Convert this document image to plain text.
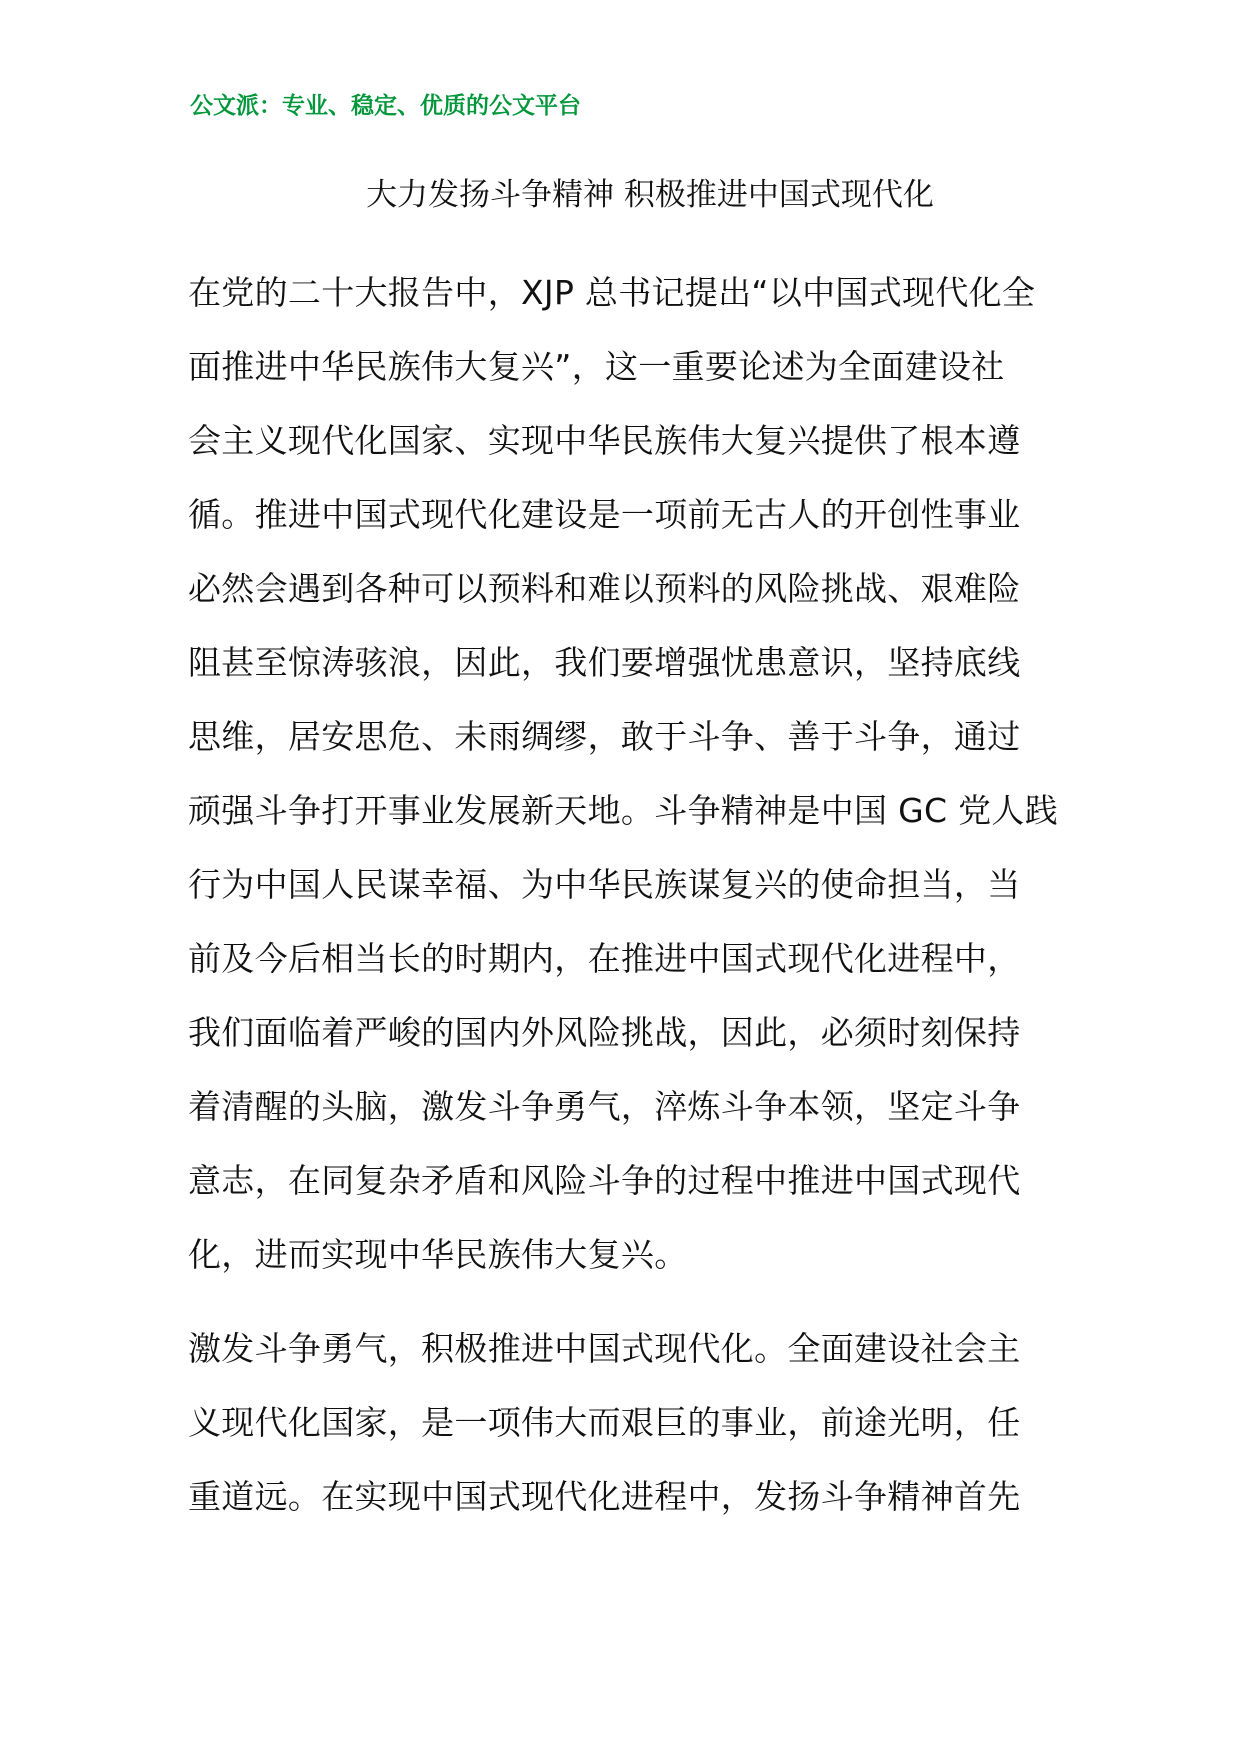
公文派：专业、稳定、优质的公文平台
大力发扬斗争精神 积极推进中国式现代化

在党的二十大报告中，XJP 总书记提出“以中国式现代化全
面推进中华民族伟大复兴”，这一重要论述为全面建设社
会主义现代化国家、实现中华民族伟大复兴提供了根本遵
循。推进中国式现代化建设是一项前无古人的开创性事业
必然会遇到各种可以预料和难以预料的风险挑战、艰难险
阻甚至惊涛骇浪，因此，我们要增强忧患意识，坚持底线
思维，居安思危、未雨绸缪，敢于斗争、善于斗争，通过
顽强斗争打开事业发展新天地。斗争精神是中国 GC 党人践
行为中国人民谋幸福、为中华民族谋复兴的使命担当，当
前及今后相当长的时期内，在推进中国式现代化进程中，
我们面临着严峻的国内外风险挑战，因此，必须时刻保持
着清醒的头脑，激发斗争勇气，淬炼斗争本领，坚定斗争
意志，在同复杂矛盾和风险斗争的过程中推进中国式现代
化，进而实现中华民族伟大复兴。

激发斗争勇气，积极推进中国式现代化。全面建设社会主
义现代化国家，是一项伟大而艰巨的事业，前途光明，任
重道远。在实现中国式现代化进程中，发扬斗争精神首先
